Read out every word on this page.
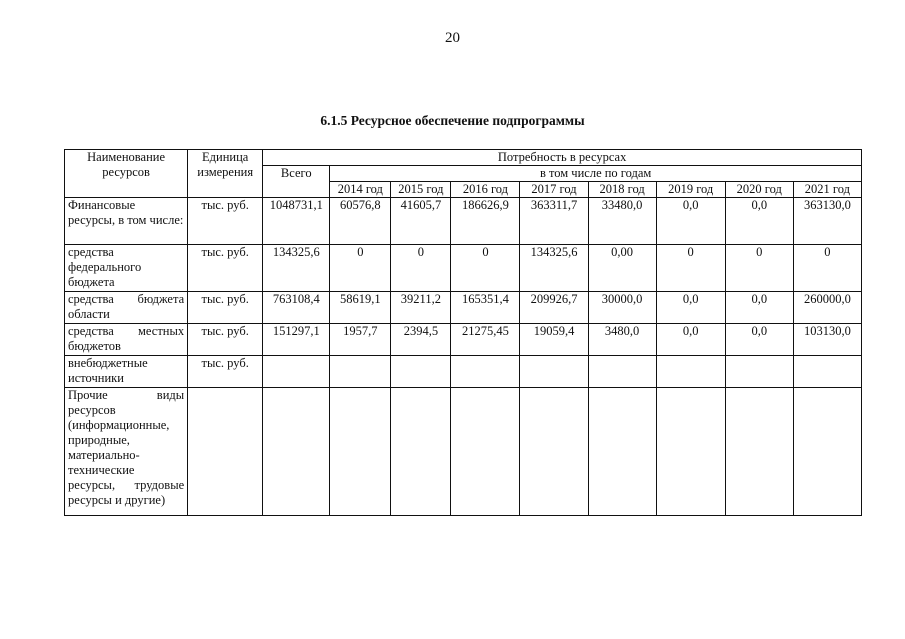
20
6.1.5 Ресурсное обеспечение подпрограммы
Наименование ресурсов	Единица измерения	Потребность в ресурсах								
		Всего	в том числе по годам							
			2014 год	2015 год	2016 год	2017 год	2018 год	2019 год	2020 год	2021 год
Финансовые ресурсы, в том числе:	тыс. руб.	1048731,1	60576,8	41605,7	186626,9	363311,7	33480,0	0,0	0,0	363130,0
средства федерального бюджета	тыс. руб.	134325,6	0	0	0	134325,6	0,00	0	0	0
средства бюджета области	тыс. руб.	763108,4	58619,1	39211,2	165351,4	209926,7	30000,0	0,0	0,0	260000,0
средства местных бюджетов	тыс. руб.	151297,1	1957,7	2394,5	21275,45	19059,4	3480,0	0,0	0,0	103130,0
внебюджетные источники	тыс. руб.									
Прочие виды ресурсов (информационные, природные, материально-технические ресурсы, трудовые ресурсы и другие)										
